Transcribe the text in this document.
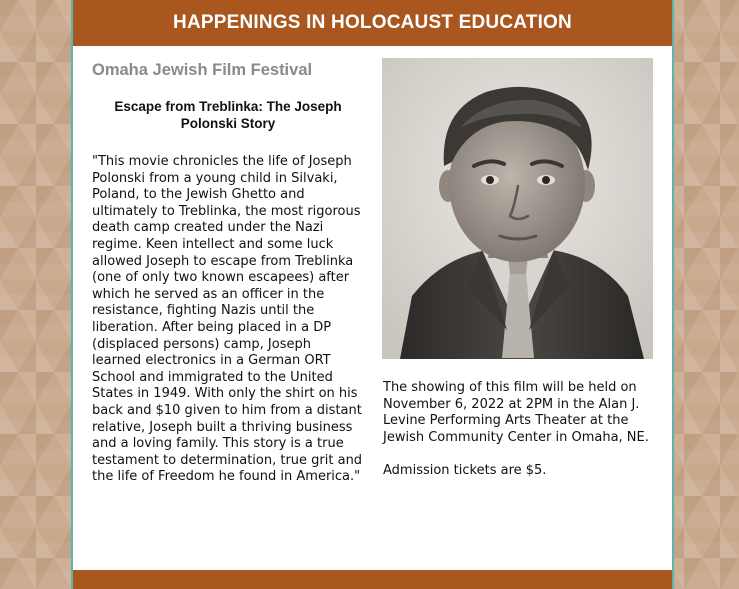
HAPPENINGS IN HOLOCAUST EDUCATION
Omaha Jewish Film Festival
Escape from Treblinka: The Joseph Polonski Story

"This movie chronicles the life of Joseph Polonski from a young child in Silvaki, Poland, to the Jewish Ghetto and ultimately to Treblinka, the most rigorous death camp created under the Nazi regime. Keen intellect and some luck allowed Joseph to escape from Treblinka (one of only two known escapees) after which he served as an officer in the resistance, fighting Nazis until the liberation. After being placed in a DP (displaced persons) camp, Joseph learned electronics in a German ORT School and immigrated to the United States in 1949. With only the shirt on his back and $10 given to him from a distant relative, Joseph built a thriving business and a loving family. This story is a true testament to determination, true grit and the life of Freedom he found in America."

The showing of this film will be held on November 6, 2022 at 2PM in the Alan J. Levine Performing Arts Theater at the Jewish Community Center in Omaha, NE.

Admission tickets are $5.
